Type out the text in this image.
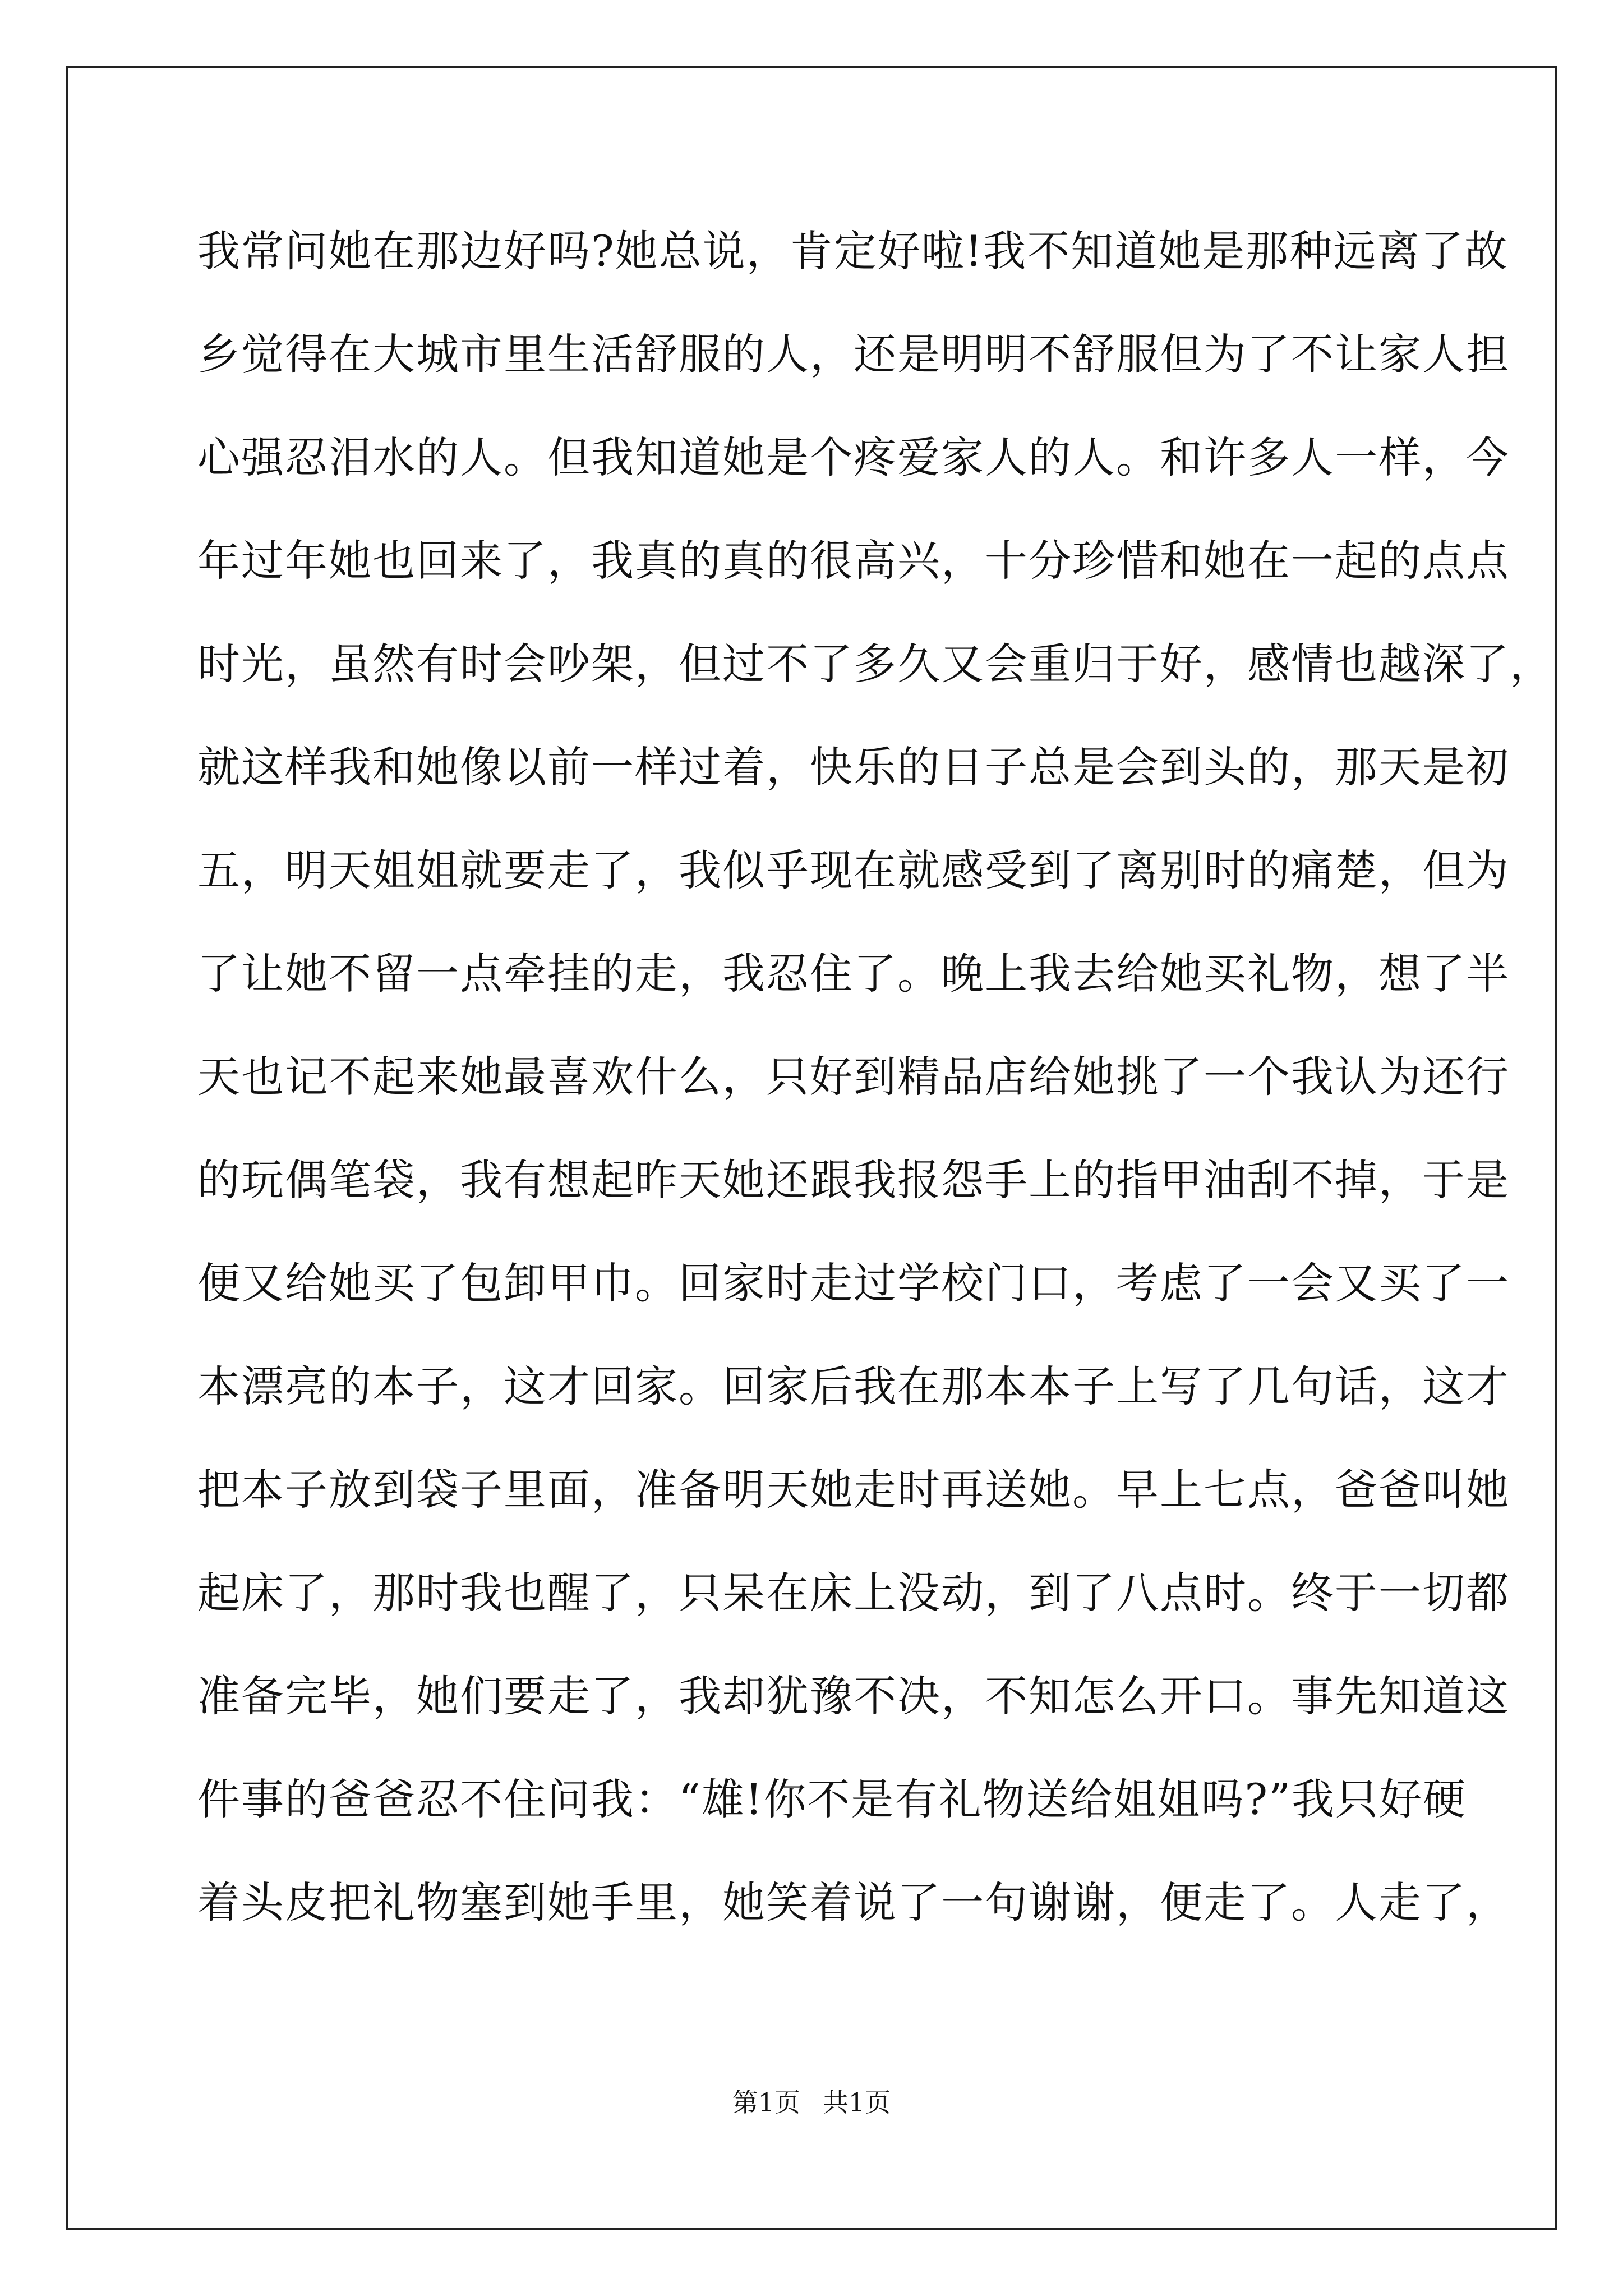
我常问她在那边好吗?她总说，肯定好啦!我不知道她是那种远离了故
乡觉得在大城市里生活舒服的人，还是明明不舒服但为了不让家人担
心强忍泪水的人。但我知道她是个疼爱家人的人。和许多人一样，今
年过年她也回来了，我真的真的很高兴，十分珍惜和她在一起的点点
时光，虽然有时会吵架，但过不了多久又会重归于好，感情也越深了，
就这样我和她像以前一样过着，快乐的日子总是会到头的，那天是初
五，明天姐姐就要走了，我似乎现在就感受到了离别时的痛楚，但为
了让她不留一点牵挂的走，我忍住了。晚上我去给她买礼物，想了半
天也记不起来她最喜欢什么，只好到精品店给她挑了一个我认为还行
的玩偶笔袋，我有想起昨天她还跟我报怨手上的指甲油刮不掉，于是
便又给她买了包卸甲巾。回家时走过学校门口，考虑了一会又买了一
本漂亮的本子，这才回家。回家后我在那本本子上写了几句话，这才
把本子放到袋子里面，准备明天她走时再送她。早上七点，爸爸叫她
起床了，那时我也醒了，只呆在床上没动，到了八点时。终于一切都
准备完毕，她们要走了，我却犹豫不决，不知怎么开口。事先知道这
件事的爸爸忍不住问我：“雄!你不是有礼物送给姐姐吗?”我只好硬
着头皮把礼物塞到她手里，她笑着说了一句谢谢，便走了。人走了，
第1页 共1页
